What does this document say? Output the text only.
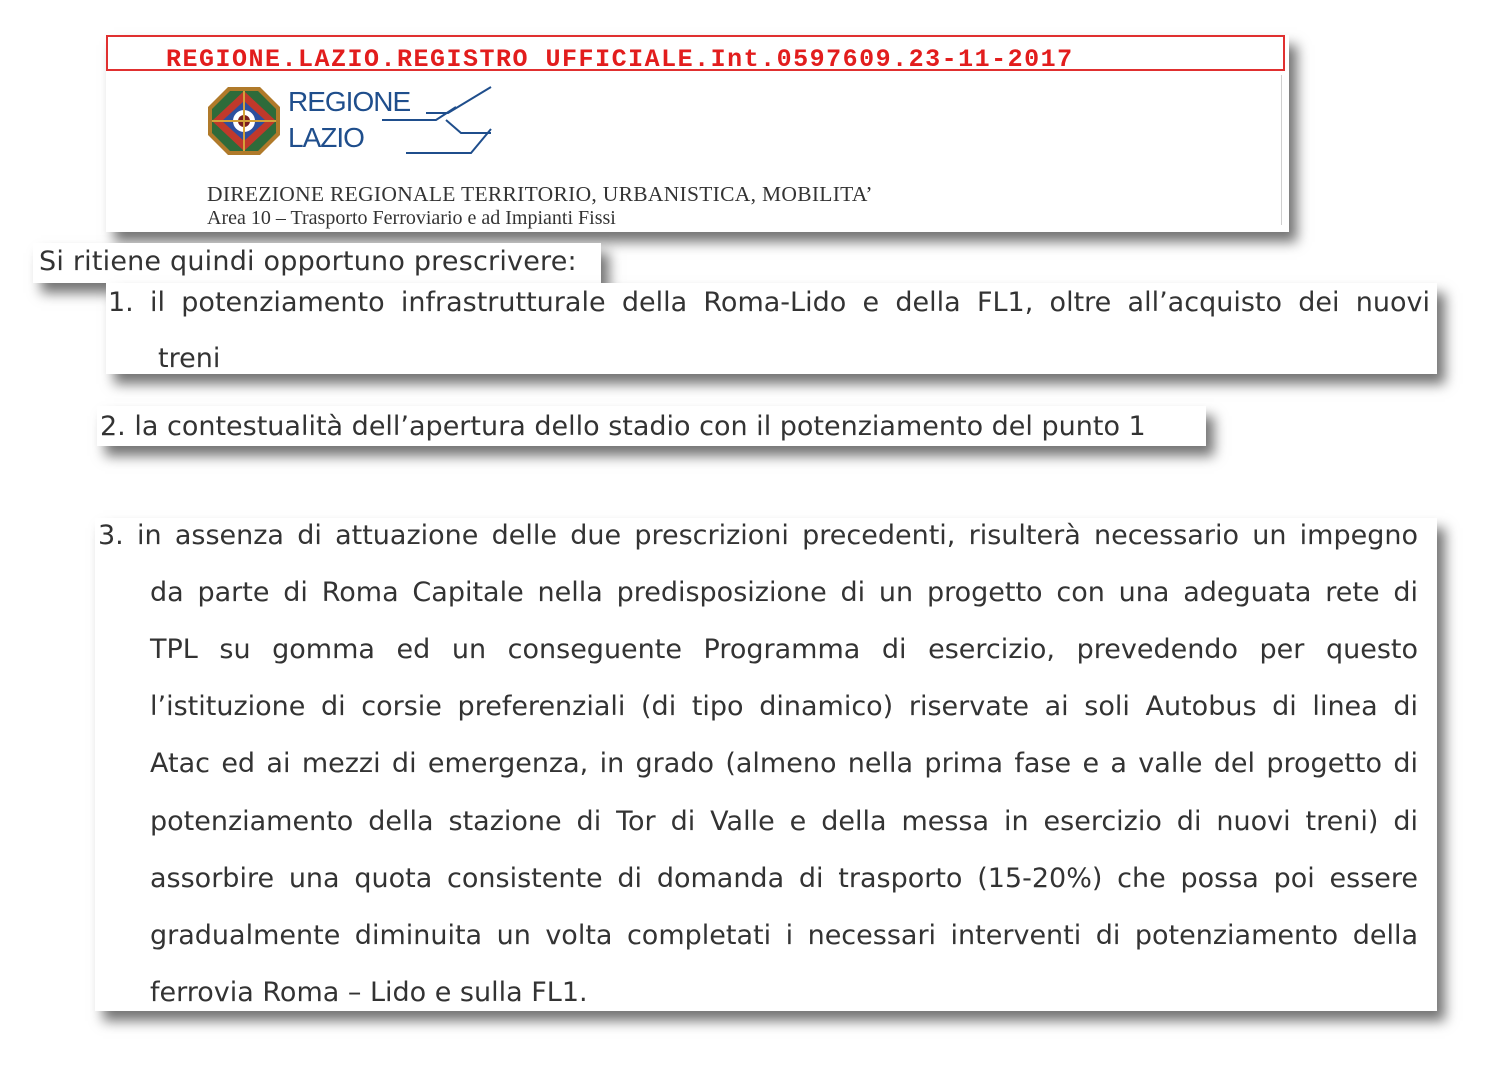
REGIONE.LAZIO.REGISTRO UFFICIALE.Int.0597609.23-11-2017
REGIONE
LAZIO
DIREZIONE REGIONALE TERRITORIO, URBANISTICA, MOBILITA’
Area 10 – Trasporto Ferroviario e ad Impianti Fissi
Si ritiene quindi opportuno prescrivere:
1. il potenziamento infrastrutturale della Roma-Lido e della FL1, oltre all’acquisto dei nuovi
treni
2. la contestualità dell’apertura dello stadio con il potenziamento del punto 1
3. in assenza di attuazione delle due prescrizioni precedenti, risulterà necessario un impegno
da parte di Roma Capitale nella predisposizione di un progetto con una adeguata rete di
TPL su gomma ed un conseguente Programma di esercizio, prevedendo per questo
l’istituzione di corsie preferenziali (di tipo dinamico) riservate ai soli Autobus di linea di
Atac ed ai mezzi di emergenza, in grado (almeno nella prima fase e a valle del progetto di
potenziamento della stazione di Tor di Valle e della messa in esercizio di nuovi treni) di
assorbire una quota consistente di domanda di trasporto (15-20%) che possa poi essere
gradualmente diminuita un volta completati i necessari interventi di potenziamento della
ferrovia Roma – Lido e sulla FL1.
